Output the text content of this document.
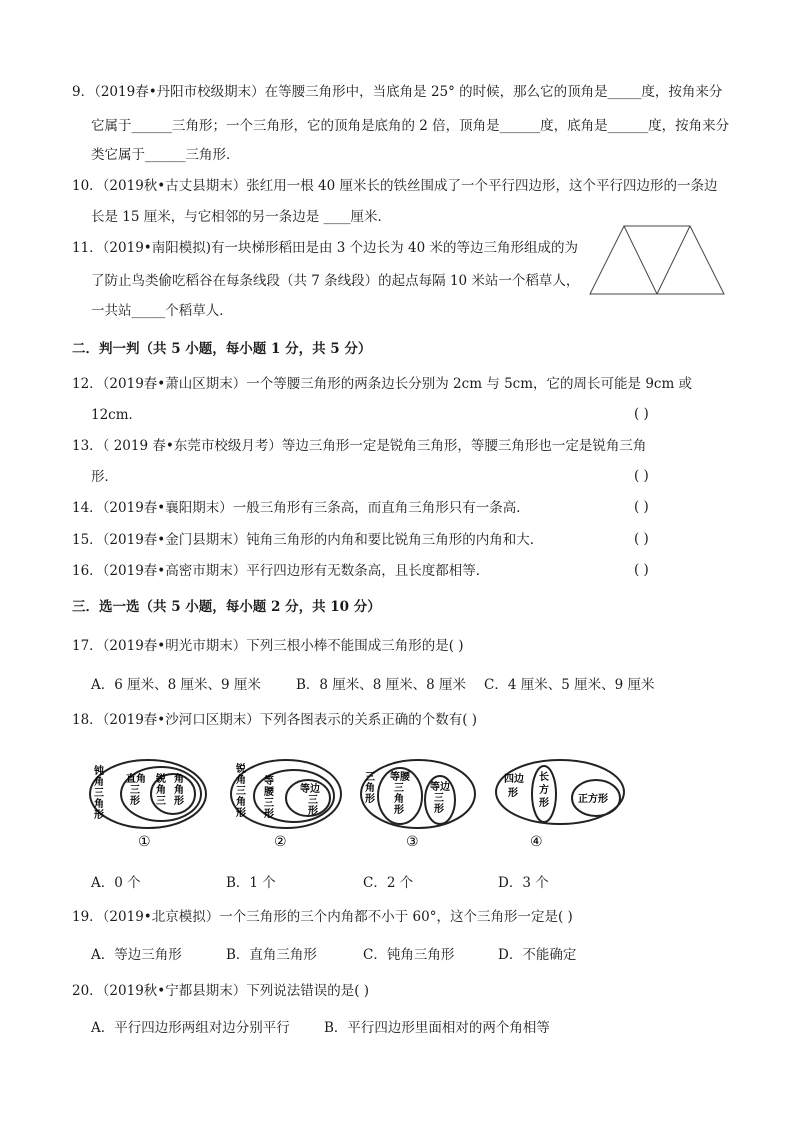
9．（2019春•丹阳市校级期末）在等腰三角形中，当底角是 25° 的时候，那么它的顶角是_____度，按角来分
它属于______三角形；一个三角形，它的顶角是底角的 2 倍，顶角是______度，底角是______度，按角来分
类它属于______三角形．
10．（2019秋•古丈县期末）张红用一根 40 厘米长的铁丝围成了一个平行四边形，这个平行四边形的一条边
长是 15 厘米，与它相邻的另一条边是 ____厘米．
11．（2019•南阳模拟)有一块梯形稻田是由 3 个边长为 40 米的等边三角形组成的为
了防止鸟类偷吃稻谷在每条线段（共 7 条线段）的起点每隔 10 米站一个稻草人，
一共站_____个稻草人．
二．判一判（共 5 小题，每小题 1 分，共 5 分）
12．（2019春•萧山区期末）一个等腰三角形的两条边长分别为 2cm 与 5cm，它的周长可能是 9cm 或
12cm．	( )
13．（ 2019 春•东莞市校级月考）等边三角形一定是锐角三角形，等腰三角形也一定是锐角三角
形．	( )
14．（2019春•襄阳期末）一般三角形有三条高，而直角三角形只有一条高．	( )
15．（2019春•金门县期末）钝角三角形的内角和要比锐角三角形的内角和大．	( )
16．（2019春•高密市期末）平行四边形有无数条高，且长度都相等．	( )
三．选一选（共 5 小题，每小题 2 分，共 10 分）
17．（2019春•明光市期末）下列三根小棒不能围成三角形的是( )
A．6 厘米、8 厘米、9 厘米	B．8 厘米、8 厘米、8 厘米 C．4 厘米、5 厘米、9 厘米
18．（2019春•沙河口区期末）下列各图表示的关系正确的个数有( )
钝角三角形
直角三形
锐角三
角角形
①
锐角三角形
等腰三形
等边三形
②
三角形
等腰三角形
等边三形
③
四边形
长方形	正方形
④
A．0 个	B．1 个	C．2 个	D．3 个
19．（2019•北京模拟）一个三角形的三个内角都不小于 60°，这个三角形一定是( )
A．等边三角形	B．直角三角形	C．钝角三角形	D．不能确定
20．（2019秋•宁都县期末）下列说法错误的是( )
A．平行四边形两组对边分别平行	B．平行四边形里面相对的两个角相等
